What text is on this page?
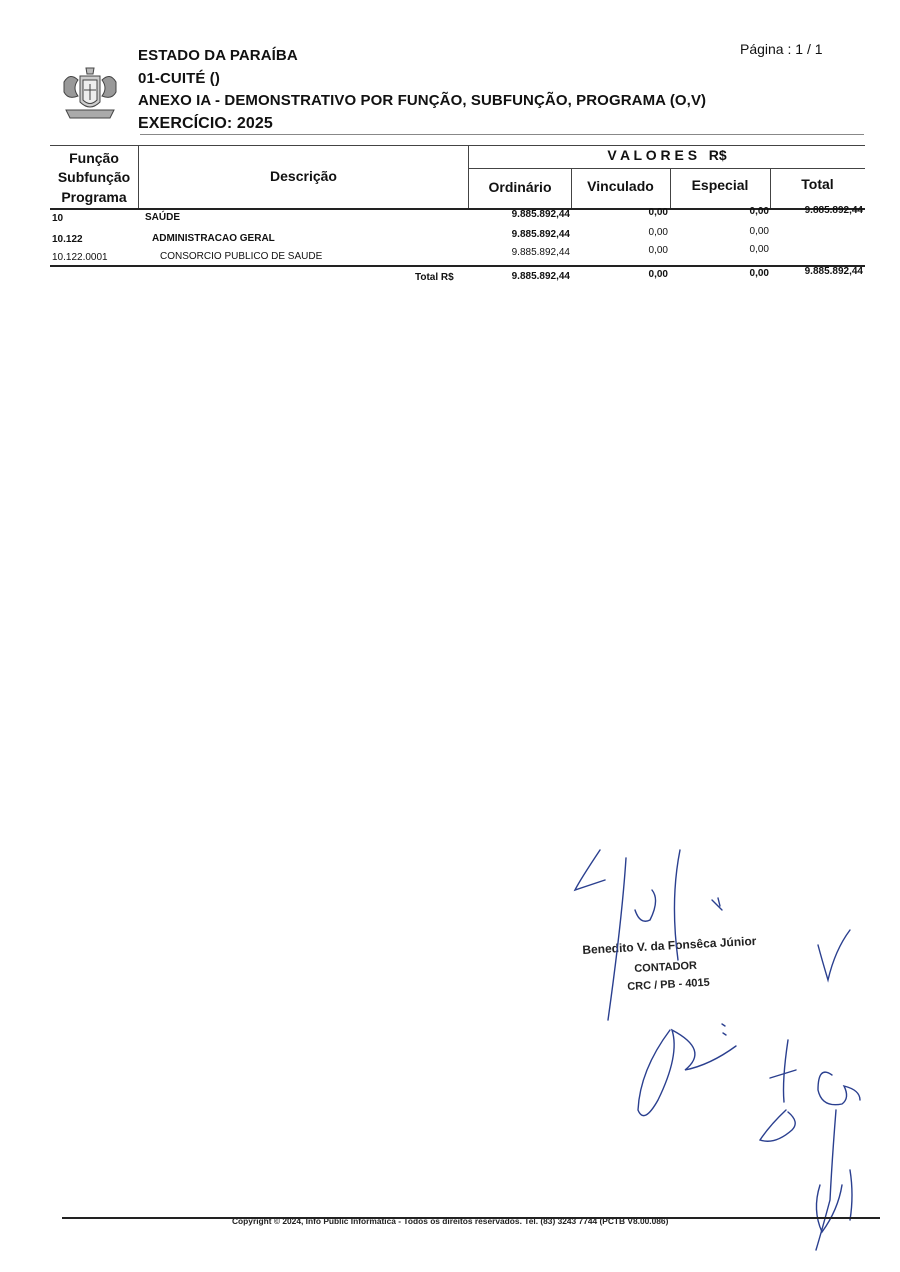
ESTADO DA PARAÍBA
01-CUITÉ ()
ANEXO IA - DEMONSTRATIVO POR FUNÇÃO, SUBFUNÇÃO, PROGRAMA (O,V)
EXERCÍCIO: 2025
Página : 1 / 1
Função
Subfunção
Programa
Descrição
V A L O R E S   R$
Ordinário	Vinculado	Especial	Total
10	SAÚDE	9.885.892,44	0,00	0,00	9.885.892,44
10.122	ADMINISTRACAO GERAL	9.885.892,44	0,00	0,00
10.122.0001	CONSORCIO PUBLICO DE SAUDE	9.885.892,44	0,00	0,00
Total R$	9.885.892,44	0,00	0,00	9.885.892,44
Benedito V. da Fonsêca Júnior
CONTADOR
CRC / PB - 4015
Copyright © 2024, Info Public Informática - Todos os direitos reservados. Tel. (83) 3243 7744 (PCTB V8.00.086)
